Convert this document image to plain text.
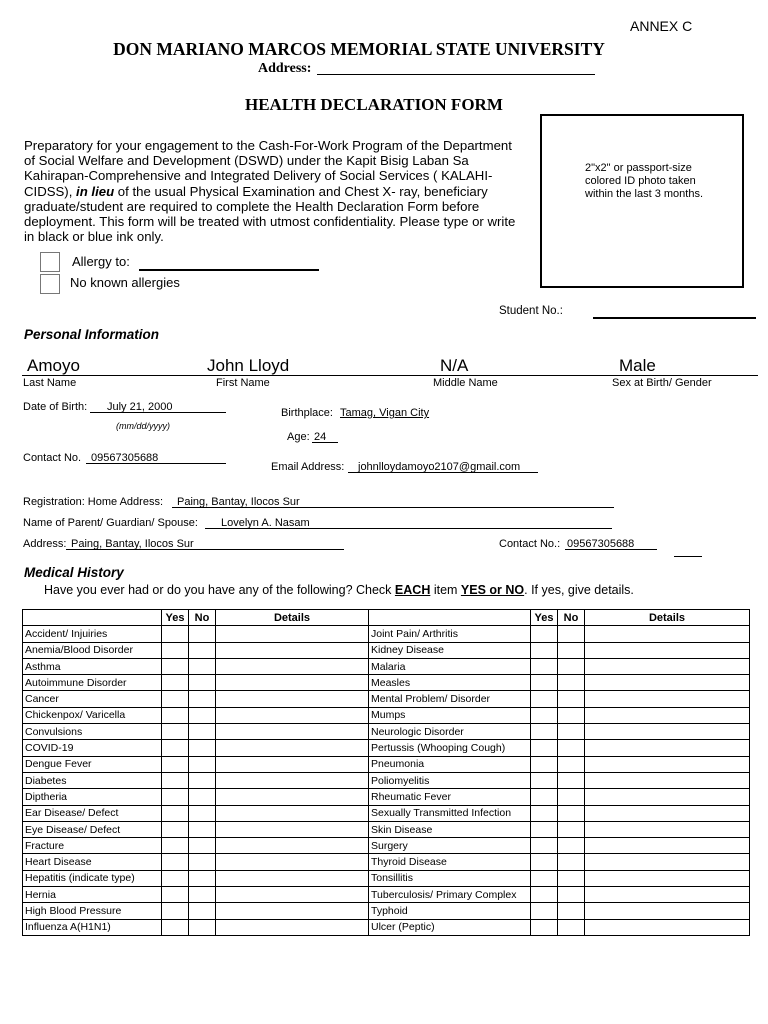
ANNEX C
DON MARIANO MARCOS MEMORIAL STATE UNIVERSITY
Address:
HEALTH DECLARATION FORM
Preparatory for your engagement to the Cash-For-Work Program of the Department of Social Welfare and Development (DSWD) under the Kapit Bisig Laban Sa Kahirapan-Comprehensive and Integrated Delivery of Social Services ( KALAHI-CIDSS), in lieu of the usual Physical Examination and Chest X- ray, beneficiary graduate/student are required to complete the Health Declaration Form before deployment. This form will be treated with utmost confidentiality. Please type or write in black or blue ink only.
2"x2" or passport-size colored ID photo taken within the last 3 months.
Allergy to:
No known allergies
Student No.:
Personal Information
Amoyo	John Lloyd	N/A	Male
Last Name	First Name	Middle Name	Sex at Birth/ Gender
Date of Birth: July 21, 2000
(mm/dd/yyyy)
Birthplace: Tamag, Vigan City
Age: 24
Contact No. 09567305688
Email Address: johnlloydamoyo2107@gmail.com
Registration: Home Address: Paing, Bantay, Ilocos Sur
Name of Parent/ Guardian/ Spouse: Lovelyn A. Nasam
Address: Paing, Bantay, Ilocos Sur	Contact No.: 09567305688
Medical History
Have you ever had or do you have any of the following? Check EACH item YES or NO. If yes, give details.
	Yes	No	Details		Yes	No	Details
Accident/ Injuiries				Joint Pain/ Arthritis			
Anemia/Blood Disorder				Kidney Disease			
Asthma				Malaria			
Autoimmune Disorder				Measles			
Cancer				Mental Problem/ Disorder			
Chickenpox/ Varicella				Mumps			
Convulsions				Neurologic Disorder			
COVID-19				Pertussis (Whooping Cough)			
Dengue Fever				Pneumonia			
Diabetes				Poliomyelitis			
Diptheria				Rheumatic Fever			
Ear Disease/ Defect				Sexually Transmitted Infection			
Eye Disease/ Defect				Skin Disease			
Fracture				Surgery			
Heart Disease				Thyroid Disease			
Hepatitis (indicate type)				Tonsillitis			
Hernia				Tuberculosis/ Primary Complex			
High Blood Pressure				Typhoid			
Influenza A(H1N1)				Ulcer (Peptic)			
